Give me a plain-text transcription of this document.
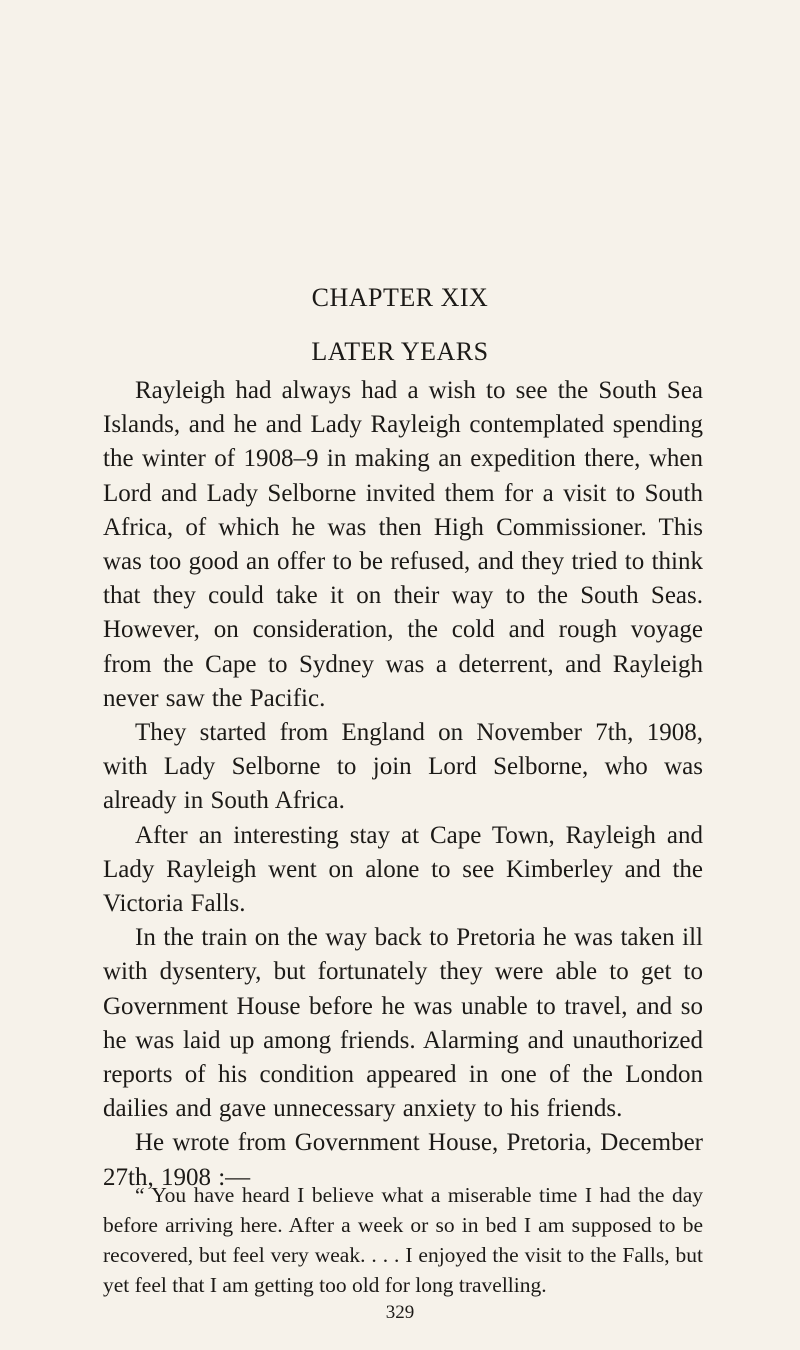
CHAPTER XIX
LATER YEARS

Rayleigh had always had a wish to see the South Sea Islands, and he and Lady Rayleigh contemplated spending the winter of 1908–9 in making an expedition there, when Lord and Lady Selborne invited them for a visit to South Africa, of which he was then High Commissioner. This was too good an offer to be refused, and they tried to think that they could take it on their way to the South Seas. However, on consideration, the cold and rough voyage from the Cape to Sydney was a deterrent, and Rayleigh never saw the Pacific.

They started from England on November 7th, 1908, with Lady Selborne to join Lord Selborne, who was already in South Africa.

After an interesting stay at Cape Town, Rayleigh and Lady Rayleigh went on alone to see Kimberley and the Victoria Falls.

In the train on the way back to Pretoria he was taken ill with dysentery, but fortunately they were able to get to Government House before he was unable to travel, and so he was laid up among friends. Alarming and unauthorized reports of his condition appeared in one of the London dailies and gave unnecessary anxiety to his friends.

He wrote from Government House, Pretoria, December 27th, 1908 :—

“ You have heard I believe what a miserable time I had the day before arriving here. After a week or so in bed I am supposed to be recovered, but feel very weak. . . . I enjoyed the visit to the Falls, but yet feel that I am getting too old for long travelling.

329
